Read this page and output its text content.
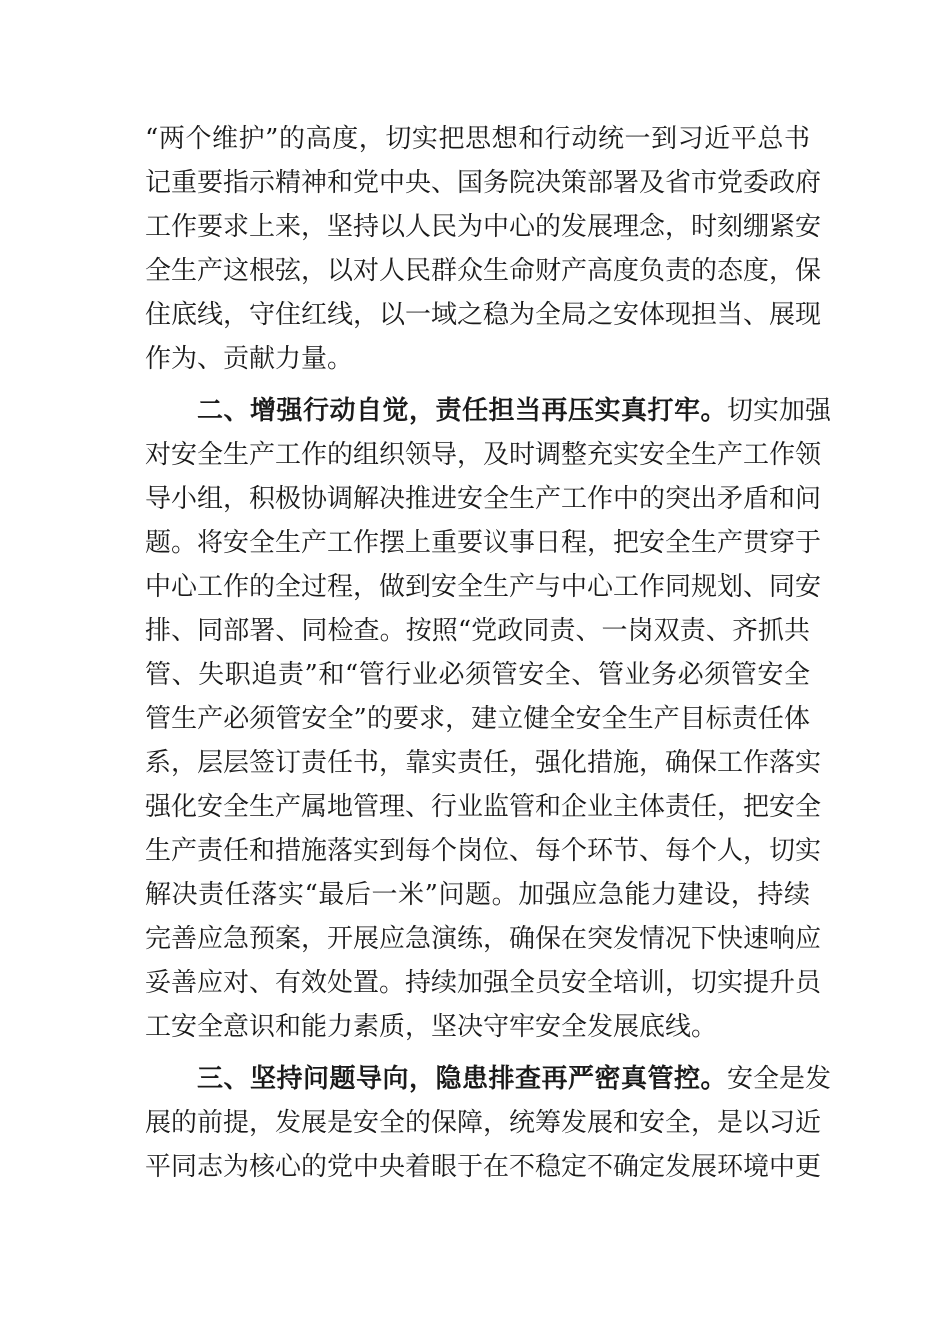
“两个维护”的高度，切实把思想和行动统一到习近平总书
记重要指示精神和党中央、国务院决策部署及省市党委政府
工作要求上来，坚持以人民为中心的发展理念，时刻绷紧安
全生产这根弦，以对人民群众生命财产高度负责的态度，保
住底线，守住红线，以一域之稳为全局之安体现担当、展现
作为、贡献力量。
二、增强行动自觉，责任担当再压实真打牢。切实加强
对安全生产工作的组织领导，及时调整充实安全生产工作领
导小组，积极协调解决推进安全生产工作中的突出矛盾和问
题。将安全生产工作摆上重要议事日程，把安全生产贯穿于
中心工作的全过程，做到安全生产与中心工作同规划、同安
排、同部署、同检查。按照“党政同责、一岗双责、齐抓共
管、失职追责”和“管行业必须管安全、管业务必须管安全
管生产必须管安全”的要求，建立健全安全生产目标责任体
系，层层签订责任书，靠实责任，强化措施，确保工作落实
强化安全生产属地管理、行业监管和企业主体责任，把安全
生产责任和措施落实到每个岗位、每个环节、每个人，切实
解决责任落实“最后一米”问题。加强应急能力建设，持续
完善应急预案，开展应急演练，确保在突发情况下快速响应
妥善应对、有效处置。持续加强全员安全培训，切实提升员
工安全意识和能力素质，坚决守牢安全发展底线。
三、坚持问题导向，隐患排查再严密真管控。安全是发
展的前提，发展是安全的保障，统筹发展和安全，是以习近
平同志为核心的党中央着眼于在不稳定不确定发展环境中更
